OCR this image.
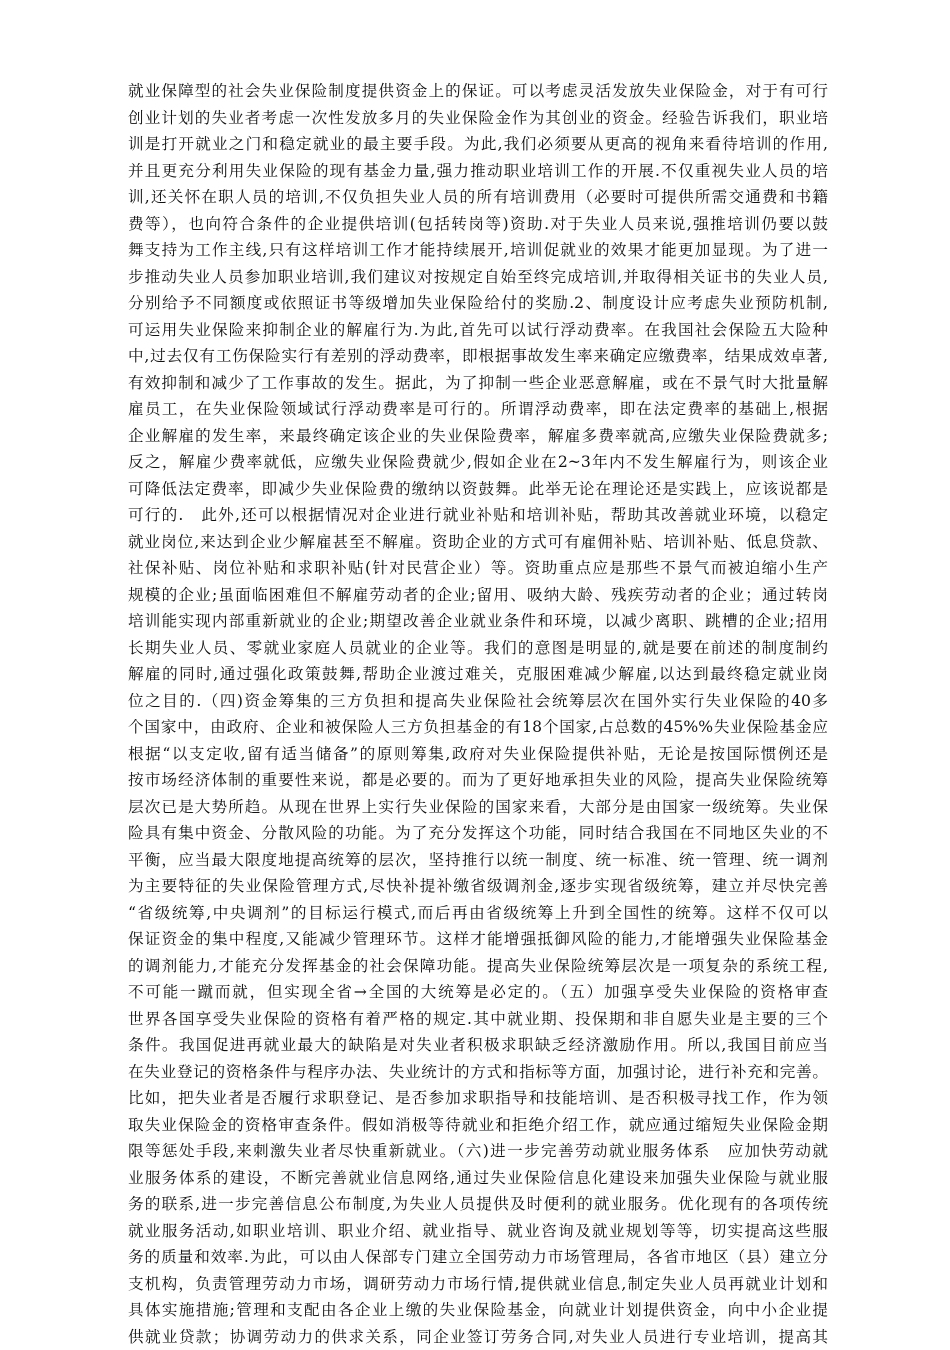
就业保障型的社会失业保险制度提供资金上的保证。可以考虑灵活发放失业保险金，对于有可行
创业计划的失业者考虑一次性发放多月的失业保险金作为其创业的资金。经验告诉我们，职业培
训是打开就业之门和稳定就业的最主要手段。为此,我们必须要从更高的视角来看待培训的作用,
并且更充分利用失业保险的现有基金力量,强力推动职业培训工作的开展.不仅重视失业人员的培
训,还关怀在职人员的培训,不仅负担失业人员的所有培训费用（必要时可提供所需交通费和书籍
费等），也向符合条件的企业提供培训(包括转岗等)资助.对于失业人员来说,强推培训仍要以鼓
舞支持为工作主线,只有这样培训工作才能持续展开,培训促就业的效果才能更加显现。为了进一
步推动失业人员参加职业培训,我们建议对按规定自始至终完成培训,并取得相关证书的失业人员,
分别给予不同额度或依照证书等级增加失业保险给付的奖励.2、制度设计应考虑失业预防机制,
可运用失业保险来抑制企业的解雇行为.为此,首先可以试行浮动费率。在我国社会保险五大险种
中,过去仅有工伤保险实行有差别的浮动费率，即根据事故发生率来确定应缴费率，结果成效卓著,
有效抑制和减少了工作事故的发生。据此，为了抑制一些企业恶意解雇，或在不景气时大批量解
雇员工，在失业保险领域试行浮动费率是可行的。所谓浮动费率，即在法定费率的基础上,根据
企业解雇的发生率，来最终确定该企业的失业保险费率，解雇多费率就高,应缴失业保险费就多;
反之，解雇少费率就低，应缴失业保险费就少,假如企业在2~3年内不发生解雇行为，则该企业
可降低法定费率，即减少失业保险费的缴纳以资鼓舞。此举无论在理论还是实践上，应该说都是
可行的.　此外,还可以根据情况对企业进行就业补贴和培训补贴，帮助其改善就业环境，以稳定
就业岗位,来达到企业少解雇甚至不解雇。资助企业的方式可有雇佣补贴、培训补贴、低息贷款、
社保补贴、岗位补贴和求职补贴(针对民营企业）等。资助重点应是那些不景气而被迫缩小生产
规模的企业;虽面临困难但不解雇劳动者的企业;留用、吸纳大龄、残疾劳动者的企业；通过转岗
培训能实现内部重新就业的企业;期望改善企业就业条件和环境，以减少离职、跳槽的企业;招用
长期失业人员、零就业家庭人员就业的企业等。我们的意图是明显的,就是要在前述的制度制约
解雇的同时,通过强化政策鼓舞,帮助企业渡过难关，克服困难减少解雇,以达到最终稳定就业岗
位之目的.（四)资金筹集的三方负担和提高失业保险社会统筹层次在国外实行失业保险的40多
个国家中，由政府、企业和被保险人三方负担基金的有18个国家,占总数的45%%失业保险基金应
根据“以支定收,留有适当储备”的原则筹集,政府对失业保险提供补贴，无论是按国际惯例还是
按市场经济体制的重要性来说，都是必要的。而为了更好地承担失业的风险，提高失业保险统筹
层次已是大势所趋。从现在世界上实行失业保险的国家来看，大部分是由国家一级统筹。失业保
险具有集中资金、分散风险的功能。为了充分发挥这个功能，同时结合我国在不同地区失业的不
平衡，应当最大限度地提高统筹的层次，坚持推行以统一制度、统一标准、统一管理、统一调剂
为主要特征的失业保险管理方式,尽快补提补缴省级调剂金,逐步实现省级统筹，建立并尽快完善
“省级统筹,中央调剂”的目标运行模式,而后再由省级统筹上升到全国性的统筹。这样不仅可以
保证资金的集中程度,又能减少管理环节。这样才能增强抵御风险的能力,才能增强失业保险基金
的调剂能力,才能充分发挥基金的社会保障功能。提高失业保险统筹层次是一项复杂的系统工程,
不可能一蹴而就，但实现全省→全国的大统筹是必定的。（五）加强享受失业保险的资格审查
世界各国享受失业保险的资格有着严格的规定.其中就业期、投保期和非自愿失业是主要的三个
条件。我国促进再就业最大的缺陷是对失业者积极求职缺乏经济激励作用。所以,我国目前应当
在失业登记的资格条件与程序办法、失业统计的方式和指标等方面，加强讨论，进行补充和完善。
比如，把失业者是否履行求职登记、是否参加求职指导和技能培训、是否积极寻找工作，作为领
取失业保险金的资格审查条件。假如消极等待就业和拒绝介绍工作，就应通过缩短失业保险金期
限等惩处手段,来刺激失业者尽快重新就业。（六)进一步完善劳动就业服务体系　应加快劳动就
业服务体系的建设，不断完善就业信息网络,通过失业保险信息化建设来加强失业保险与就业服
务的联系,进一步完善信息公布制度,为失业人员提供及时便利的就业服务。优化现有的各项传统
就业服务活动,如职业培训、职业介绍、就业指导、就业咨询及就业规划等等，切实提高这些服
务的质量和效率.为此，可以由人保部专门建立全国劳动力市场管理局，各省市地区（县）建立分
支机构，负责管理劳动力市场，调研劳动力市场行情,提供就业信息,制定失业人员再就业计划和
具体实施措施;管理和支配由各企业上缴的失业保险基金，向就业计划提供资金，向中小企业提
供就业贷款；协调劳动力的供求关系，同企业签订劳务合同,对失业人员进行专业培训，提高其
